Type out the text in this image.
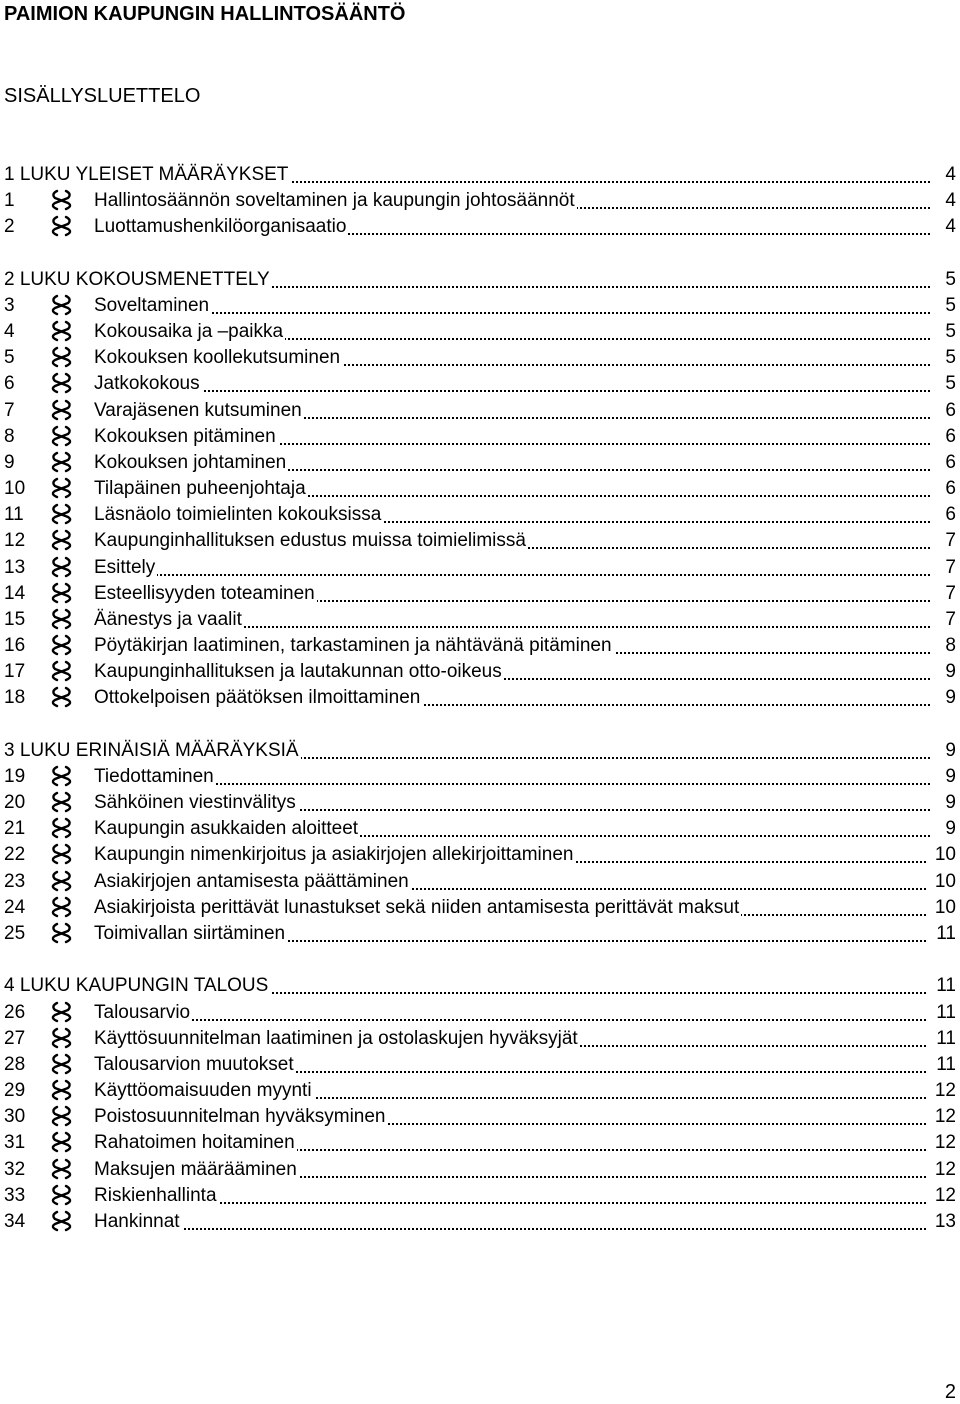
PAIMION KAUPUNGIN HALLINTOSÄÄNTÖ
SISÄLLYSLUETTELO
1 LUKU YLEISET MÄÄRÄYKSET	4
1	Hallintosäännön soveltaminen ja kaupungin johtosäännöt	4
2	Luottamushenkilöorganisaatio	4
2 LUKU KOKOUSMENETTELY	5
3	Soveltaminen	5
4	Kokousaika ja –paikka	5
5	Kokouksen koollekutsuminen	5
6	Jatkokokous	5
7	Varajäsenen kutsuminen	6
8	Kokouksen pitäminen	6
9	Kokouksen johtaminen	6
10	Tilapäinen puheenjohtaja	6
11	Läsnäolo toimielinten kokouksissa	6
12	Kaupunginhallituksen edustus muissa toimielimissä	7
13	Esittely	7
14	Esteellisyyden toteaminen	7
15	Äänestys ja vaalit	7
16	Pöytäkirjan laatiminen, tarkastaminen ja nähtävänä pitäminen	8
17	Kaupunginhallituksen ja lautakunnan otto-oikeus	9
18	Ottokelpoisen päätöksen ilmoittaminen	9
3 LUKU ERINÄISIÄ MÄÄRÄYKSIÄ	9
19	Tiedottaminen	9
20	Sähköinen viestinvälitys	9
21	Kaupungin asukkaiden aloitteet	9
22	Kaupungin nimenkirjoitus ja asiakirjojen allekirjoittaminen	10
23	Asiakirjojen antamisesta päättäminen	10
24	Asiakirjoista perittävät lunastukset sekä niiden antamisesta perittävät maksut	10
25	Toimivallan siirtäminen	11
4 LUKU KAUPUNGIN TALOUS	11
26	Talousarvio	11
27	Käyttösuunnitelman laatiminen ja ostolaskujen hyväksyjät	11
28	Talousarvion muutokset	11
29	Käyttöomaisuuden myynti	12
30	Poistosuunnitelman hyväksyminen	12
31	Rahatoimen hoitaminen	12
32	Maksujen määrääminen	12
33	Riskienhallinta	12
34	Hankinnat	13
2
